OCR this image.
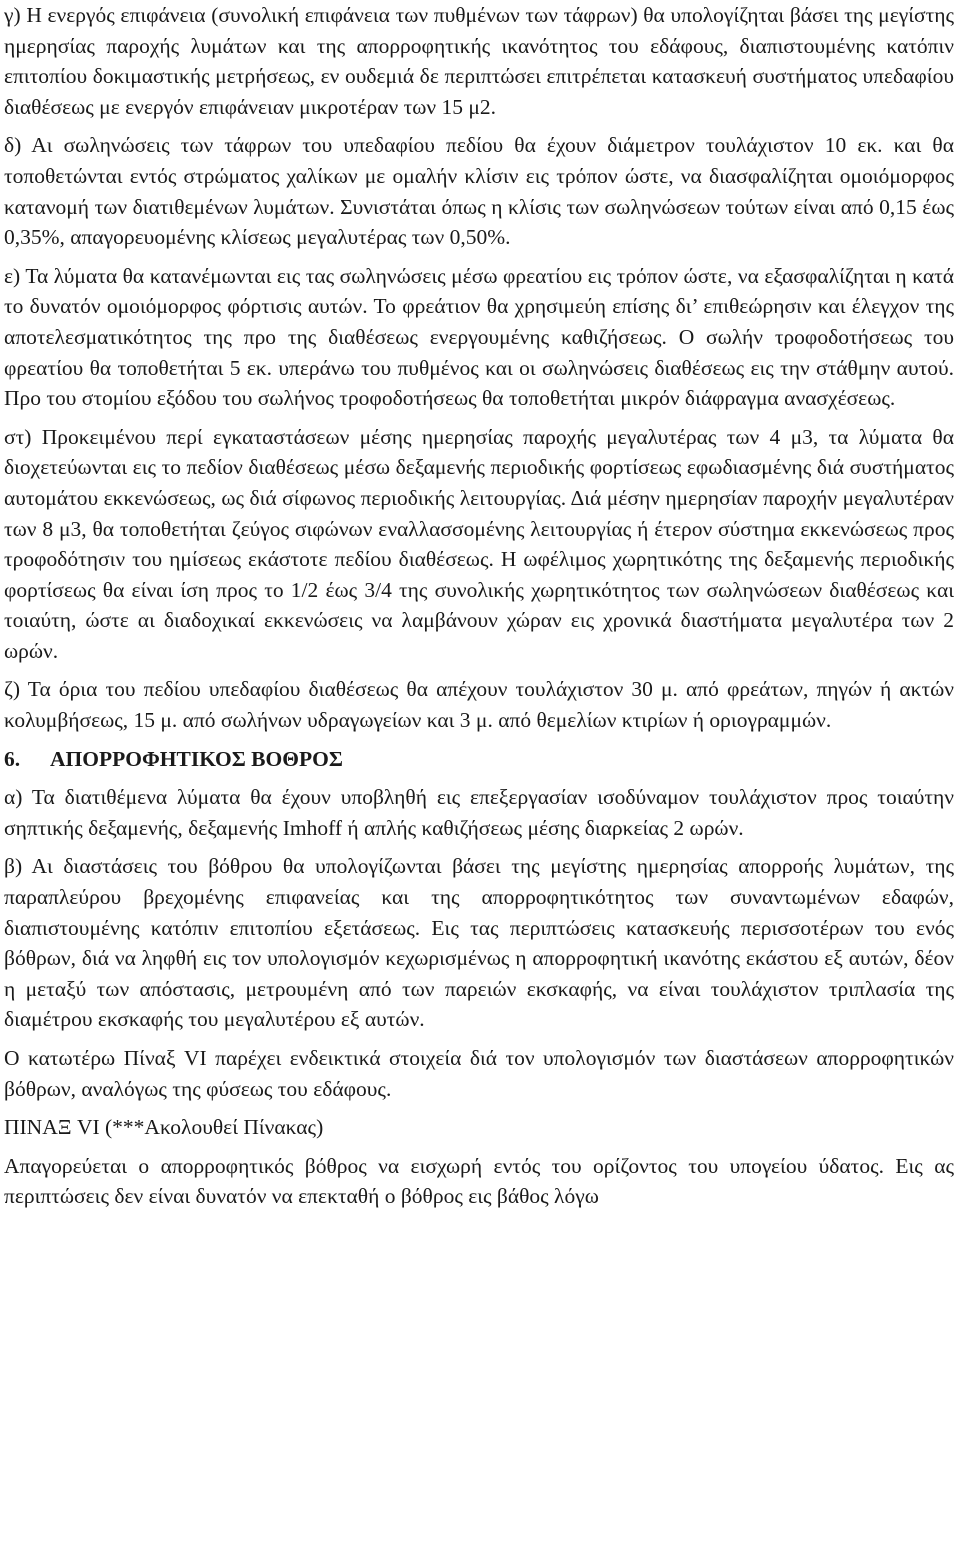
γ) Η ενεργός επιφάνεια (συνολική επιφάνεια των πυθμένων των τάφρων) θα υπολογίζηται βάσει της μεγίστης ημερησίας παροχής λυμάτων και της απορροφητικής ικανότητος του εδάφους, διαπιστουμένης κατόπιν επιτοπίου δοκιμαστικής μετρήσεως, εν ουδεμιά δε περιπτώσει επιτρέπεται κατασκευή συστήματος υπεδαφίου διαθέσεως με ενεργόν επιφάνειαν μικροτέραν των 15 μ2.

δ) Αι σωληνώσεις των τάφρων του υπεδαφίου πεδίου θα έχουν διάμετρον τουλάχιστον 10 εκ. και θα τοποθετώνται εντός στρώματος χαλίκων με ομαλήν κλίσιν εις τρόπον ώστε, να διασφαλίζηται ομοιόμορφος κατανομή των διατιθεμένων λυμάτων. Συνιστάται όπως η κλίσις των σωληνώσεων τούτων είναι από 0,15 έως 0,35%, απαγορευομένης κλίσεως μεγαλυτέρας των 0,50%.

ε) Τα λύματα θα κατανέμωνται εις τας σωληνώσεις μέσω φρεατίου εις τρόπον ώστε, να εξασφαλίζηται η κατά το δυνατόν ομοιόμορφος φόρτισις αυτών. Το φρεάτιον θα χρησιμεύη επίσης δι’ επιθεώρησιν και έλεγχον της αποτελεσματικότητος της προ της διαθέσεως ενεργουμένης καθιζήσεως. Ο σωλήν τροφοδοτήσεως του φρεατίου θα τοποθετήται 5 εκ. υπεράνω του πυθμένος και οι σωληνώσεις διαθέσεως εις την στάθμην αυτού. Προ του στομίου εξόδου του σωλήνος τροφοδοτήσεως θα τοποθετήται μικρόν διάφραγμα ανασχέσεως.

στ) Προκειμένου περί εγκαταστάσεων μέσης ημερησίας παροχής μεγαλυτέρας των 4 μ3, τα λύματα θα διοχετεύωνται εις το πεδίον διαθέσεως μέσω δεξαμενής περιοδικής φορτίσεως εφωδιασμένης διά συστήματος αυτομάτου εκκενώσεως, ως διά σίφωνος περιοδικής λειτουργίας. Διά μέσην ημερησίαν παροχήν μεγαλυτέραν των 8 μ3, θα τοποθετήται ζεύγος σιφώνων εναλλασσομένης λειτουργίας ή έτερον σύστημα εκκενώσεως προς τροφοδότησιν του ημίσεως εκάστοτε πεδίου διαθέσεως. Η ωφέλιμος χωρητικότης της δεξαμενής περιοδικής φορτίσεως θα είναι ίση προς το 1/2 έως 3/4 της συνολικής χωρητικότητος των σωληνώσεων διαθέσεως και τοιαύτη, ώστε αι διαδοχικαί εκκενώσεις να λαμβάνουν χώραν εις χρονικά διαστήματα μεγαλυτέρα των 2 ωρών.

ζ) Τα όρια του πεδίου υπεδαφίου διαθέσεως θα απέχουν τουλάχιστον 30 μ. από φρεάτων, πηγών ή ακτών κολυμβήσεως, 15 μ. από σωλήνων υδραγωγείων και 3 μ. από θεμελίων κτιρίων ή οριογραμμών.

6.	ΑΠΟΡΡΟΦΗΤΙΚΟΣ ΒΟΘΡΟΣ

α) Τα διατιθέμενα λύματα θα έχουν υποβληθή εις επεξεργασίαν ισοδύναμον τουλάχιστον προς τοιαύτην σηπτικής δεξαμενής, δεξαμενής Imhoff ή απλής καθιζήσεως μέσης διαρκείας 2 ωρών.

β) Αι διαστάσεις του βόθρου θα υπολογίζωνται βάσει της μεγίστης ημερησίας απορροής λυμάτων, της παραπλεύρου βρεχομένης επιφανείας και της απορροφητικότητος των συναντωμένων εδαφών, διαπιστουμένης κατόπιν επιτοπίου εξετάσεως. Εις τας περιπτώσεις κατασκευής περισσοτέρων του ενός βόθρων, διά να ληφθή εις τον υπολογισμόν κεχωρισμένως η απορροφητική ικανότης εκάστου εξ αυτών, δέον η μεταξύ των απόστασις, μετρουμένη από των παρειών εκσκαφής, να είναι τουλάχιστον τριπλασία της διαμέτρου εκσκαφής του μεγαλυτέρου εξ αυτών.

Ο κατωτέρω Πίναξ VI παρέχει ενδεικτικά στοιχεία διά τον υπολογισμόν των διαστάσεων απορροφητικών βόθρων, αναλόγως της φύσεως του εδάφους.

ΠΙΝΑΞ VI (***Ακολουθεί Πίνακας)

Απαγορεύεται ο απορροφητικός βόθρος να εισχωρή εντός του ορίζοντος του υπογείου ύδατος. Εις ας περιπτώσεις δεν είναι δυνατόν να επεκταθή ο βόθρος εις βάθος λόγω
